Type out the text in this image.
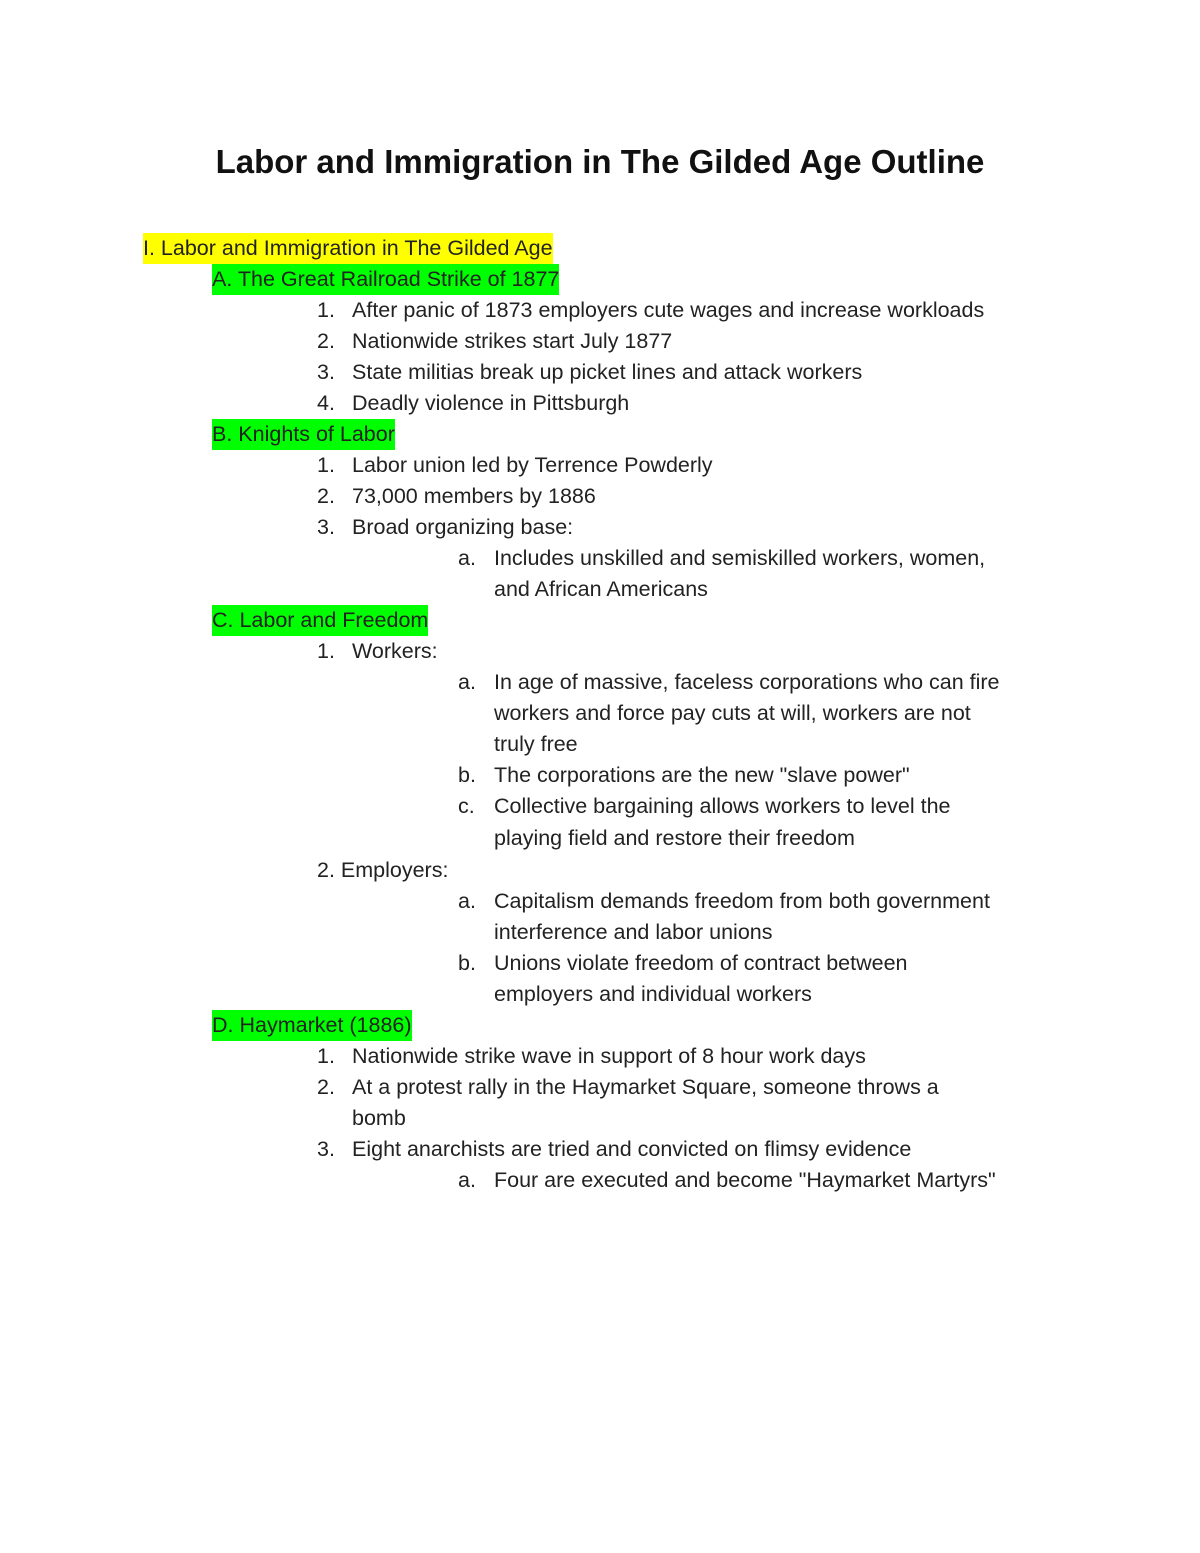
Labor and Immigration in The Gilded Age Outline
I. Labor and Immigration in The Gilded Age
A. The Great Railroad Strike of 1877
1. After panic of 1873 employers cute wages and increase workloads
2. Nationwide strikes start July 1877
3. State militias break up picket lines and attack workers
4. Deadly violence in Pittsburgh
B. Knights of Labor
1. Labor union led by Terrence Powderly
2. 73,000 members by 1886
3. Broad organizing base:
a. Includes unskilled and semiskilled workers, women,
and African Americans
C. Labor and Freedom
1. Workers:
a. In age of massive, faceless corporations who can fire
workers and force pay cuts at will, workers are not
truly free
b. The corporations are the new "slave power"
c. Collective bargaining allows workers to level the
playing field and restore their freedom
2. Employers:
a. Capitalism demands freedom from both government
interference and labor unions
b. Unions violate freedom of contract between
employers and individual workers
D. Haymarket (1886)
1. Nationwide strike wave in support of 8 hour work days
2. At a protest rally in the Haymarket Square, someone throws a
bomb
3. Eight anarchists are tried and convicted on flimsy evidence
a. Four are executed and become "Haymarket Martyrs"
